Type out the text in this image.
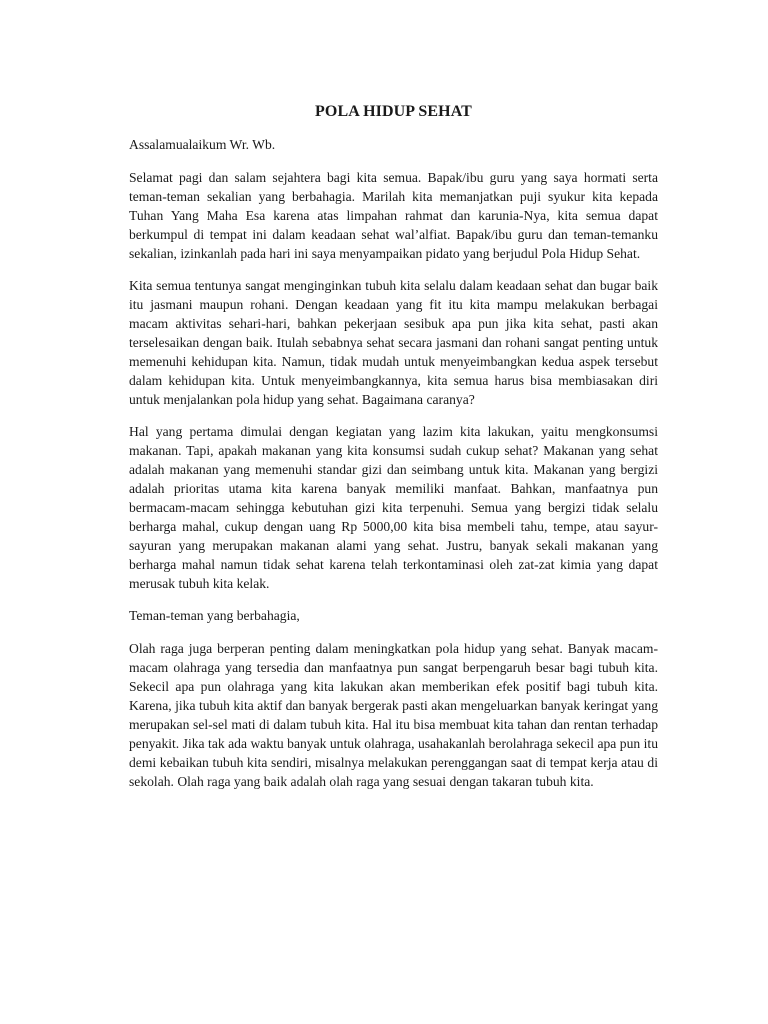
POLA HIDUP SEHAT

Assalamualaikum Wr. Wb.

Selamat pagi dan salam sejahtera bagi kita semua. Bapak/ibu guru yang saya hormati serta teman-teman sekalian yang berbahagia. Marilah kita memanjatkan puji syukur kita kepada Tuhan Yang Maha Esa karena atas limpahan rahmat dan karunia-Nya, kita semua dapat berkumpul di tempat ini dalam keadaan sehat wal’alfiat. Bapak/ibu guru dan teman-temanku sekalian, izinkanlah pada hari ini saya menyampaikan pidato yang berjudul Pola Hidup Sehat.

Kita semua tentunya sangat menginginkan tubuh kita selalu dalam keadaan sehat dan bugar baik itu jasmani maupun rohani. Dengan keadaan yang fit itu kita mampu melakukan berbagai macam aktivitas sehari-hari, bahkan pekerjaan sesibuk apa pun jika kita sehat, pasti akan terselesaikan dengan baik. Itulah sebabnya sehat secara jasmani dan rohani sangat penting untuk memenuhi kehidupan kita. Namun, tidak mudah untuk menyeimbangkan kedua aspek tersebut dalam kehidupan kita. Untuk menyeimbangkannya, kita semua harus bisa membiasakan diri untuk menjalankan pola hidup yang sehat. Bagaimana caranya?

Hal yang pertama dimulai dengan kegiatan yang lazim kita lakukan, yaitu mengkonsumsi makanan. Tapi, apakah makanan yang kita konsumsi sudah cukup sehat? Makanan yang sehat adalah makanan yang memenuhi standar gizi dan seimbang untuk kita. Makanan yang bergizi adalah prioritas utama kita karena banyak memiliki manfaat. Bahkan, manfaatnya pun bermacam-macam sehingga kebutuhan gizi kita terpenuhi. Semua yang bergizi tidak selalu berharga mahal, cukup dengan uang Rp 5000,00 kita bisa membeli tahu, tempe, atau sayur-sayuran yang merupakan makanan alami yang sehat. Justru, banyak sekali makanan yang berharga mahal namun tidak sehat karena telah terkontaminasi oleh zat-zat kimia yang dapat merusak tubuh kita kelak.

Teman-teman yang berbahagia,

Olah raga juga berperan penting dalam meningkatkan pola hidup yang sehat. Banyak macam-macam olahraga yang tersedia dan manfaatnya pun sangat berpengaruh besar bagi tubuh kita. Sekecil apa pun olahraga yang kita lakukan akan memberikan efek positif bagi tubuh kita. Karena, jika tubuh kita aktif dan banyak bergerak pasti akan mengeluarkan banyak keringat yang merupakan sel-sel mati di dalam tubuh kita. Hal itu bisa membuat kita tahan dan rentan terhadap penyakit. Jika tak ada waktu banyak untuk olahraga, usahakanlah berolahraga sekecil apa pun itu demi kebaikan tubuh kita sendiri, misalnya melakukan perenggangan saat di tempat kerja atau di sekolah. Olah raga yang baik adalah olah raga yang sesuai dengan takaran tubuh kita.
